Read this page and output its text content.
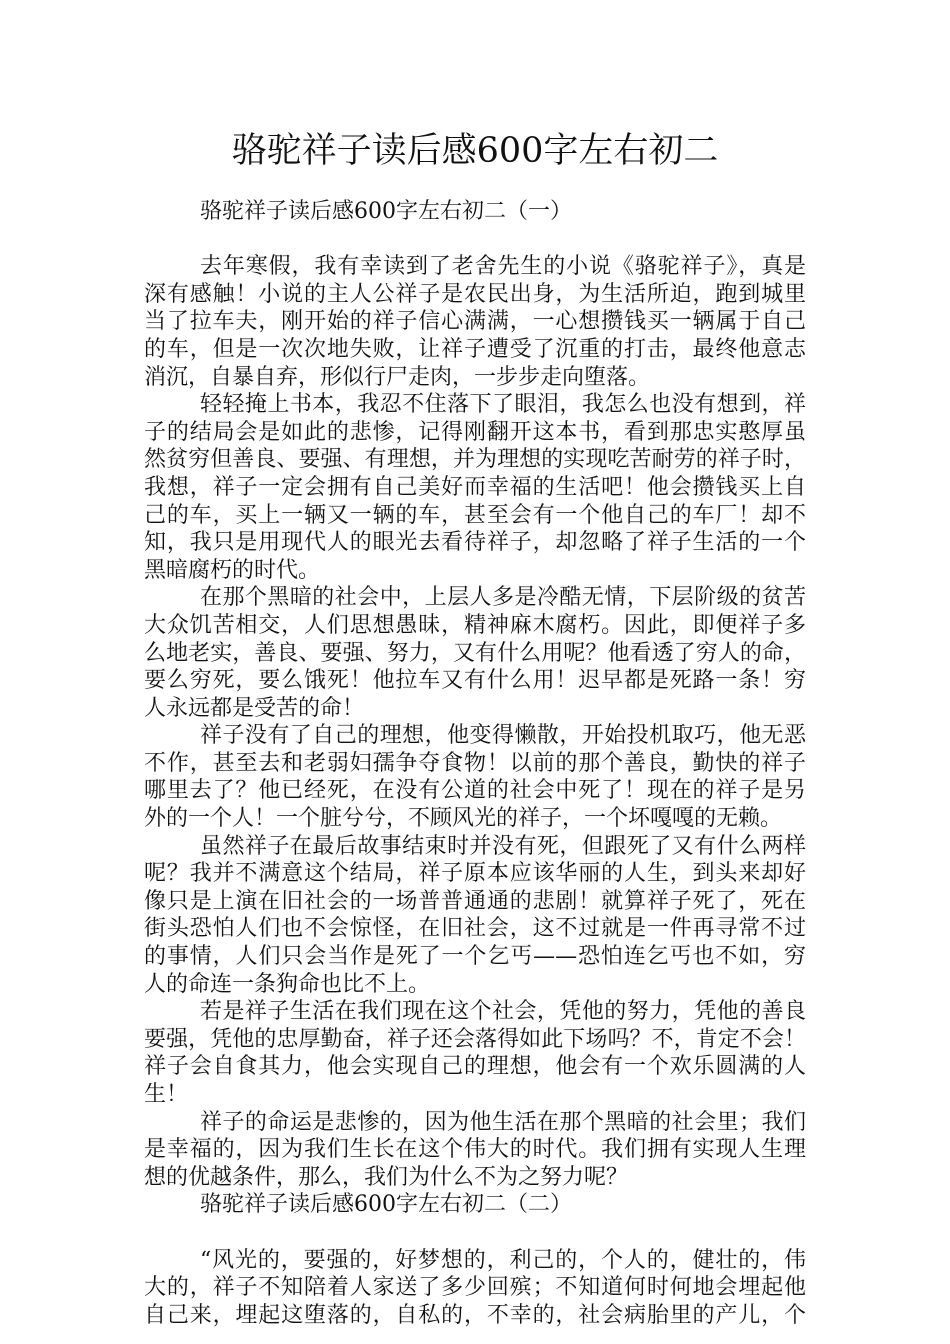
骆驼祥子读后感600字左右初二
骆驼祥子读后感600字左右初二（一）
去年寒假，我有幸读到了老舍先生的小说《骆驼祥子》，真是
深有感触！小说的主人公祥子是农民出身，为生活所迫，跑到城里
当了拉车夫，刚开始的祥子信心满满，一心想攒钱买一辆属于自己
的车，但是一次次地失败，让祥子遭受了沉重的打击，最终他意志
消沉，自暴自弃，形似行尸走肉，一步步走向堕落。
轻轻掩上书本，我忍不住落下了眼泪，我怎么也没有想到，祥
子的结局会是如此的悲惨，记得刚翻开这本书，看到那忠实憨厚虽
然贫穷但善良、要强、有理想，并为理想的实现吃苦耐劳的祥子时，
我想，祥子一定会拥有自己美好而幸福的生活吧！他会攒钱买上自
己的车，买上一辆又一辆的车，甚至会有一个他自己的车厂！却不
知，我只是用现代人的眼光去看待祥子，却忽略了祥子生活的一个
黑暗腐朽的时代。
在那个黑暗的社会中，上层人多是冷酷无情，下层阶级的贫苦
大众饥苦相交，人们思想愚昧，精神麻木腐朽。因此，即便祥子多
么地老实，善良、要强、努力，又有什么用呢？他看透了穷人的命，
要么穷死，要么饿死！他拉车又有什么用！迟早都是死路一条！穷
人永远都是受苦的命！
祥子没有了自己的理想，他变得懒散，开始投机取巧，他无恶
不作，甚至去和老弱妇孺争夺食物！以前的那个善良，勤快的祥子
哪里去了？他已经死，在没有公道的社会中死了！现在的祥子是另
外的一个人！一个脏兮兮，不顾风光的祥子，一个坏嘎嘎的无赖。
虽然祥子在最后故事结束时并没有死，但跟死了又有什么两样
呢？我并不满意这个结局，祥子原本应该华丽的人生，到头来却好
像只是上演在旧社会的一场普普通通的悲剧！就算祥子死了，死在
街头恐怕人们也不会惊怪，在旧社会，这不过就是一件再寻常不过
的事情，人们只会当作是死了一个乞丐——恐怕连乞丐也不如，穷
人的命连一条狗命也比不上。
若是祥子生活在我们现在这个社会，凭他的努力，凭他的善良
要强，凭他的忠厚勤奋，祥子还会落得如此下场吗？不，肯定不会！
祥子会自食其力，他会实现自己的理想，他会有一个欢乐圆满的人
生！
祥子的命运是悲惨的，因为他生活在那个黑暗的社会里；我们
是幸福的，因为我们生长在这个伟大的时代。我们拥有实现人生理
想的优越条件，那么，我们为什么不为之努力呢？
骆驼祥子读后感600字左右初二（二）
“风光的，要强的，好梦想的，利己的，个人的，健壮的，伟
大的，祥子不知陪着人家送了多少回殡；不知道何时何地会埋起他
自己来，埋起这堕落的，自私的，不幸的，社会病胎里的产儿，个
